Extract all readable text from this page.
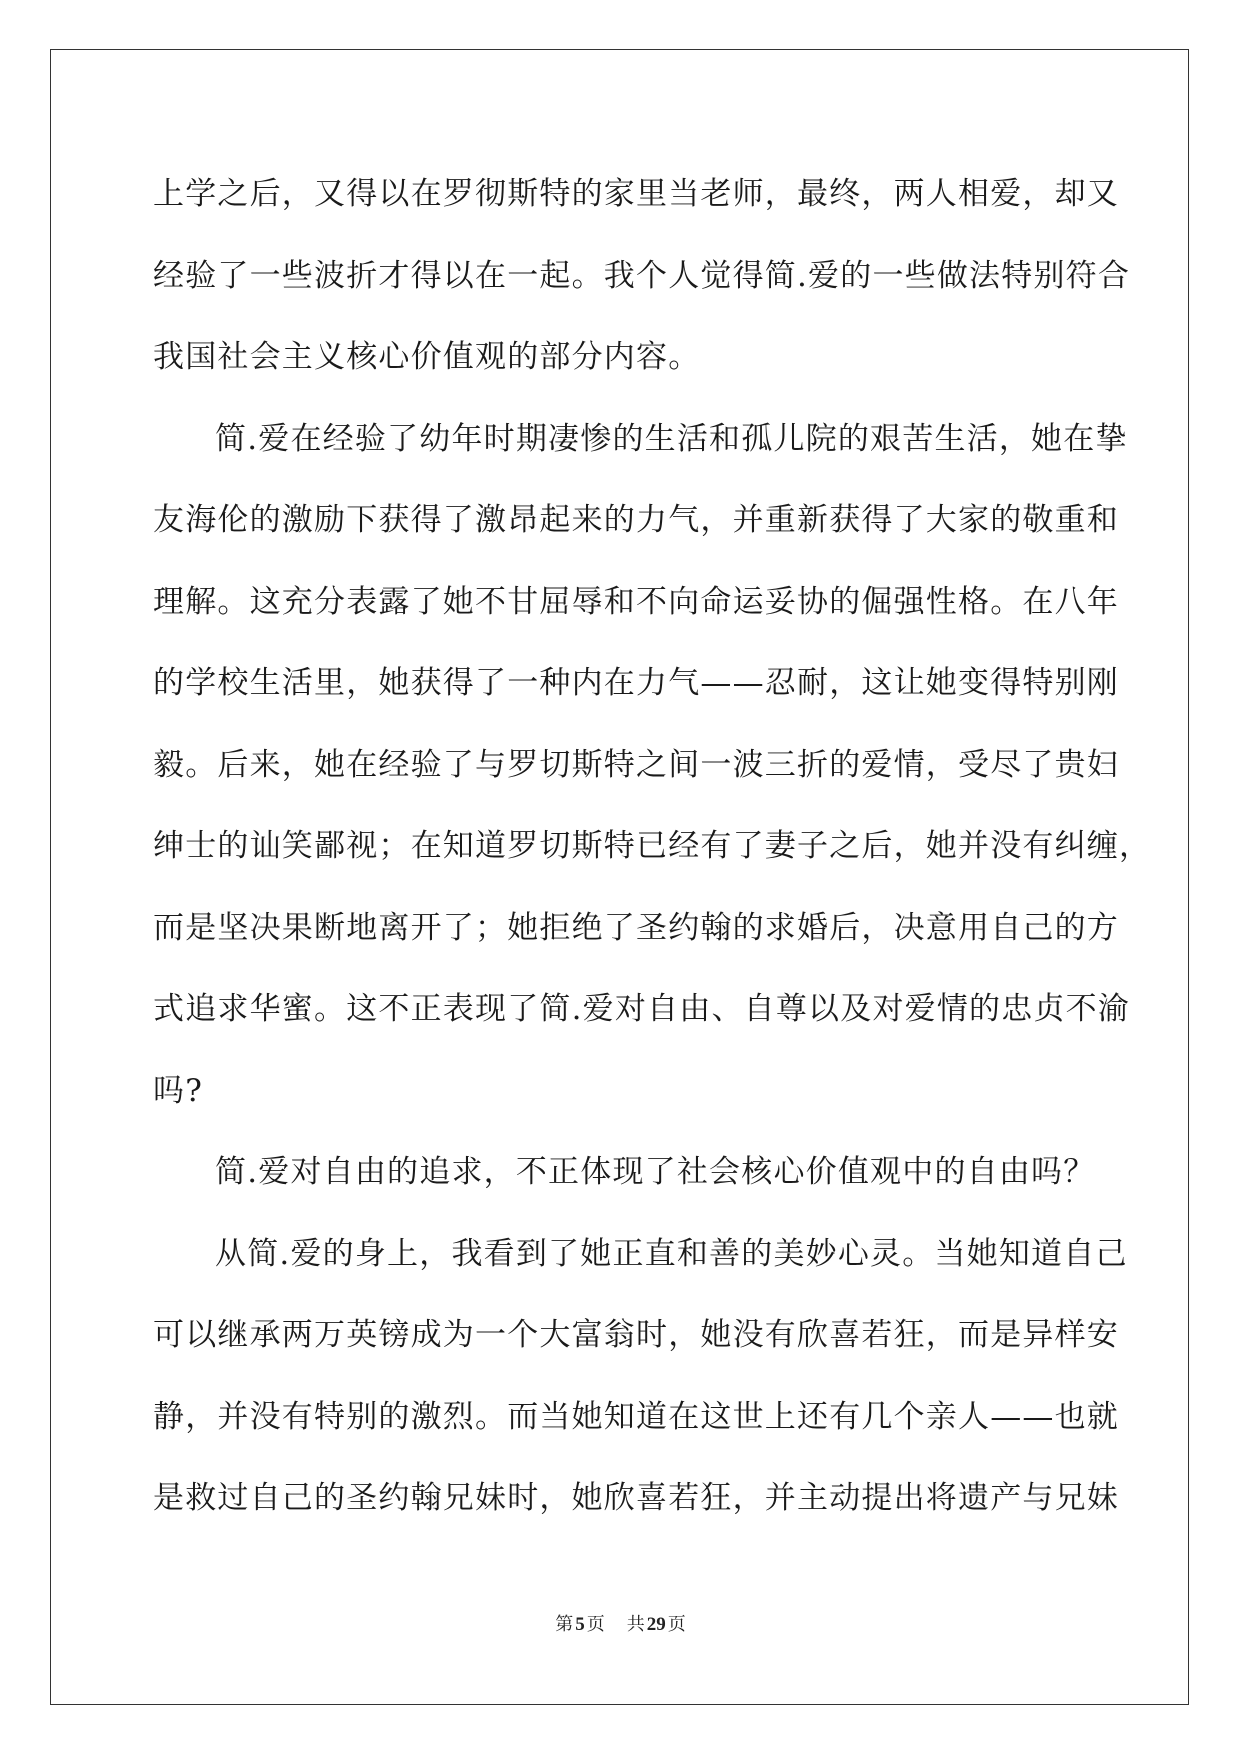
上学之后，又得以在罗彻斯特的家里当老师，最终，两人相爱，却又
经验了一些波折才得以在一起。我个人觉得简.爱的一些做法特别符合
我国社会主义核心价值观的部分内容。
简.爱在经验了幼年时期凄惨的生活和孤儿院的艰苦生活，她在挚
友海伦的激励下获得了激昂起来的力气，并重新获得了大家的敬重和
理解。这充分表露了她不甘屈辱和不向命运妥协的倔强性格。在八年
的学校生活里，她获得了一种内在力气——忍耐，这让她变得特别刚
毅。后来，她在经验了与罗切斯特之间一波三折的爱情，受尽了贵妇
绅士的讪笑鄙视；在知道罗切斯特已经有了妻子之后，她并没有纠缠，
而是坚决果断地离开了；她拒绝了圣约翰的求婚后，决意用自己的方
式追求华蜜。这不正表现了简.爱对自由、自尊以及对爱情的忠贞不渝
吗?
简.爱对自由的追求，不正体现了社会核心价值观中的自由吗？
从简.爱的身上，我看到了她正直和善的美妙心灵。当她知道自己
可以继承两万英镑成为一个大富翁时，她没有欣喜若狂，而是异样安
静，并没有特别的激烈。而当她知道在这世上还有几个亲人——也就
是救过自己的圣约翰兄妹时，她欣喜若狂，并主动提出将遗产与兄妹
第 5 页 共 29 页
